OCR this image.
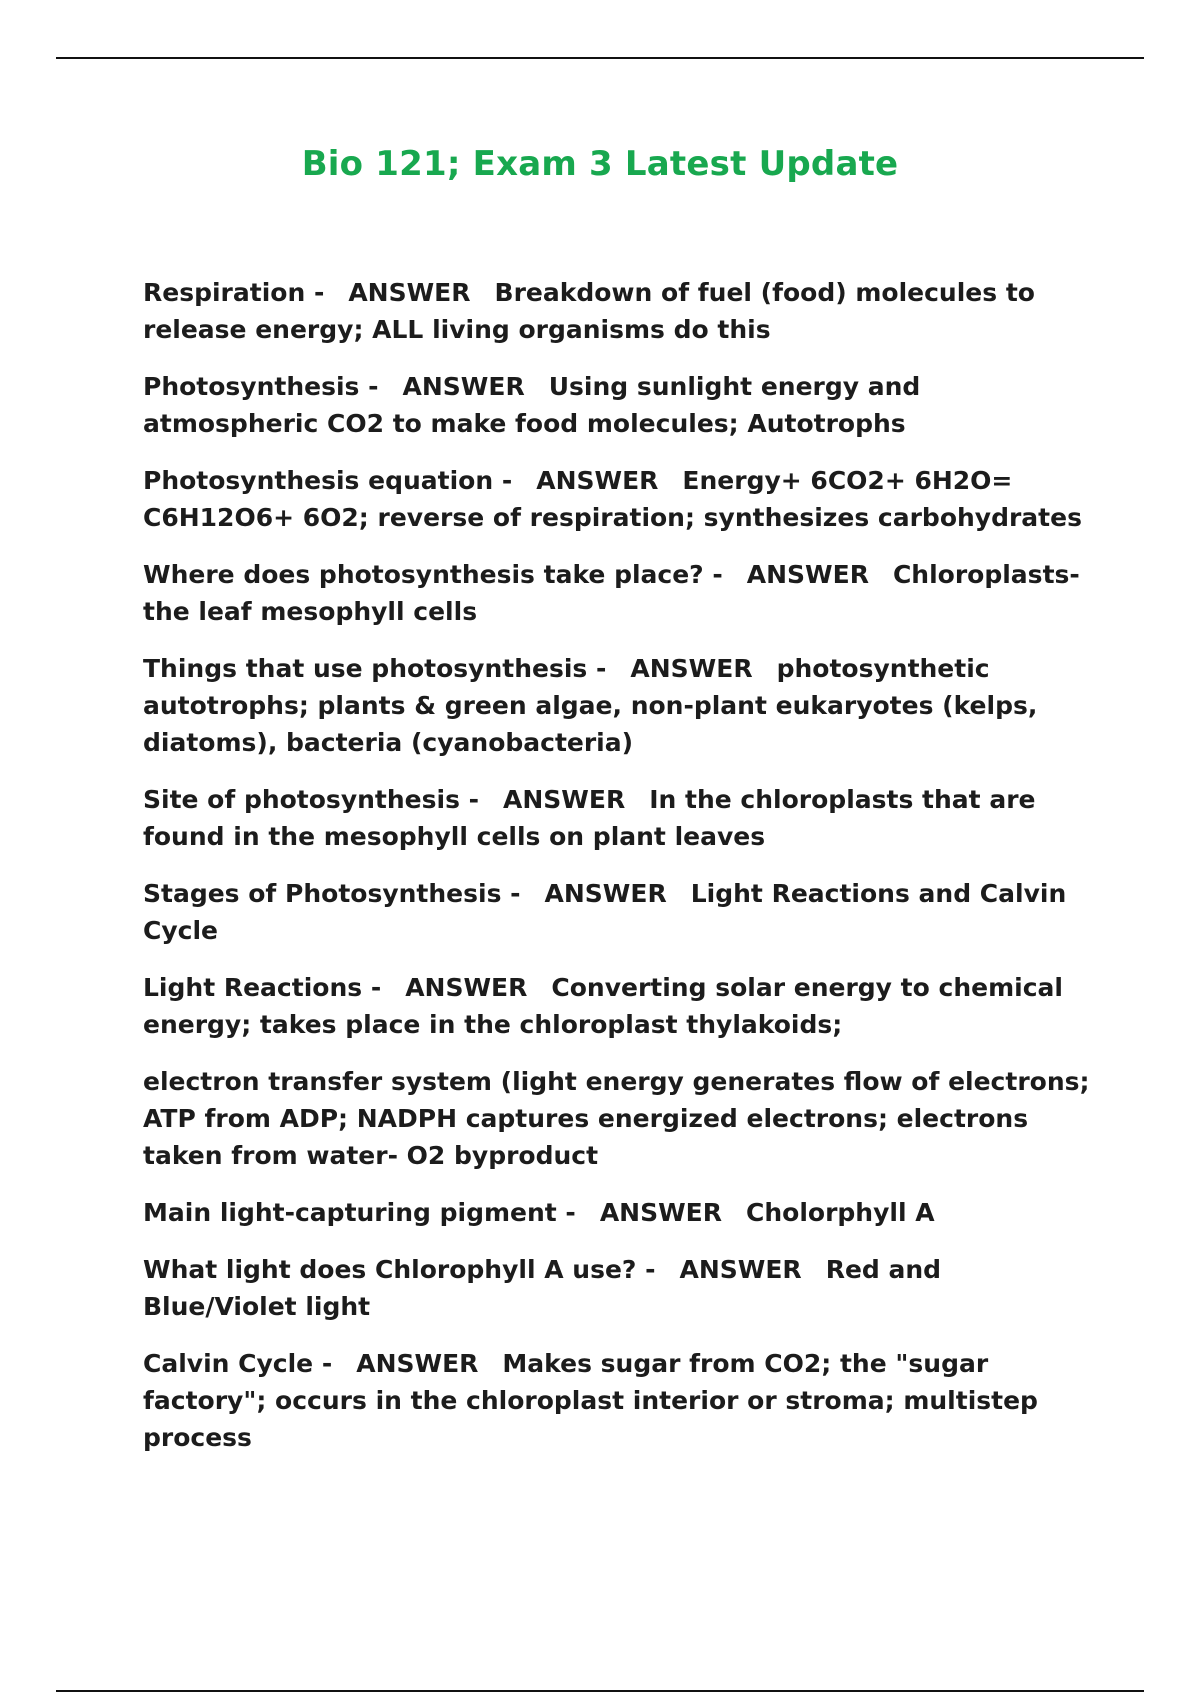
Bio 121; Exam 3 Latest Update

Respiration - ANSWER Breakdown of fuel (food) molecules to release energy; ALL living organisms do this

Photosynthesis - ANSWER Using sunlight energy and atmospheric CO2 to make food molecules; Autotrophs

Photosynthesis equation - ANSWER Energy+ 6CO2+ 6H2O= C6H12O6+ 6O2; reverse of respiration; synthesizes carbohydrates

Where does photosynthesis take place? - ANSWER Chloroplasts- the leaf mesophyll cells

Things that use photosynthesis - ANSWER photosynthetic autotrophs; plants & green algae, non-plant eukaryotes (kelps, diatoms), bacteria (cyanobacteria)

Site of photosynthesis - ANSWER In the chloroplasts that are found in the mesophyll cells on plant leaves

Stages of Photosynthesis - ANSWER Light Reactions and Calvin Cycle

Light Reactions - ANSWER Converting solar energy to chemical energy; takes place in the chloroplast thylakoids;

electron transfer system (light energy generates flow of electrons; ATP from ADP; NADPH captures energized electrons; electrons taken from water- O2 byproduct

Main light-capturing pigment - ANSWER Cholorphyll A

What light does Chlorophyll A use? - ANSWER Red and Blue/Violet light

Calvin Cycle - ANSWER Makes sugar from CO2; the "sugar factory"; occurs in the chloroplast interior or stroma; multistep process
